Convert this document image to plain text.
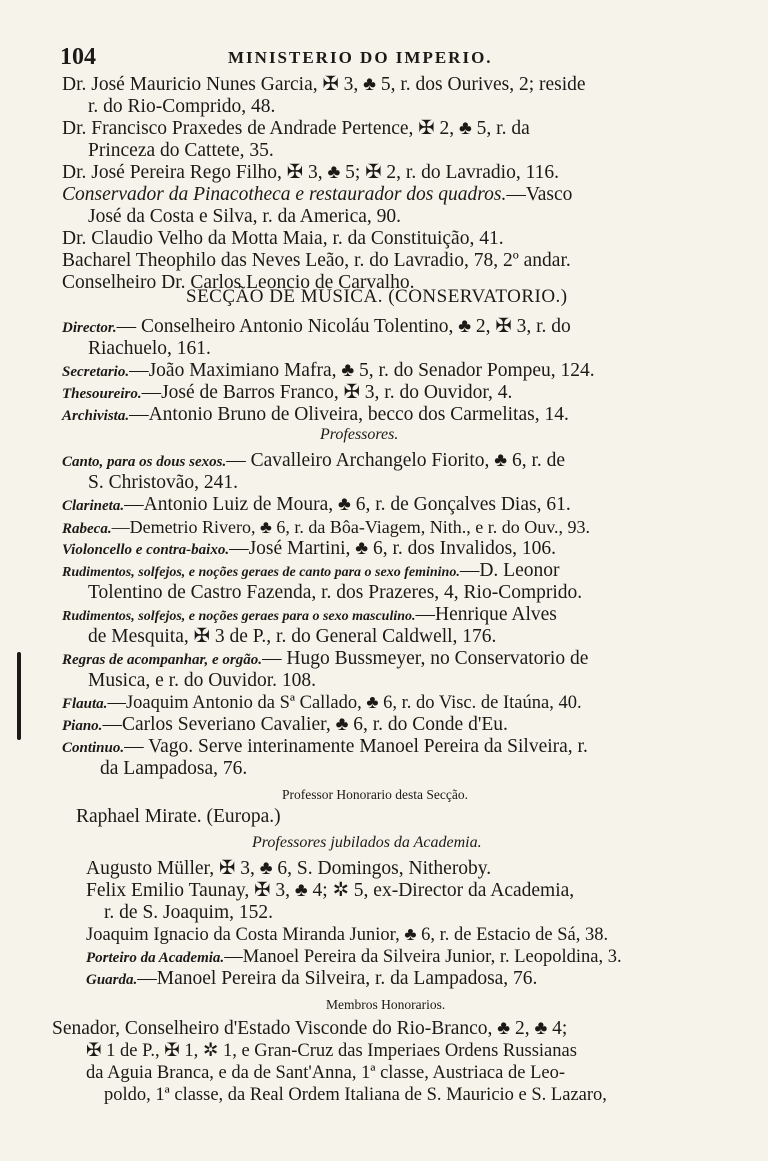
104	MINISTERIO DO IMPERIO.
Dr. José Mauricio Nunes Garcia, ✠ 3, ♣ 5, r. dos Ourives, 2; reside
r. do Rio-Comprido, 48.
Dr. Francisco Praxedes de Andrade Pertence, ✠ 2, ♣ 5, r. da
Princeza do Cattete, 35.
Dr. José Pereira Rego Filho, ✠ 3, ♣ 5; ✠ 2, r. do Lavradio, 116.
Conservador da Pinacotheca e restaurador dos quadros.—Vasco
José da Costa e Silva, r. da America, 90.
Dr. Claudio Velho da Motta Maia, r. da Constituição, 41.
Bacharel Theophilo das Neves Leão, r. do Lavradio, 78, 2º andar.
Conselheiro Dr. Carlos Leoncio de Carvalho.
SECÇÃO DE MUSICA. (CONSERVATORIO.)
Director.— Conselheiro Antonio Nicoláu Tolentino, ♣ 2, ✠ 3, r. do
Riachuelo, 161.
Secretario.—João Maximiano Mafra, ♣ 5, r. do Senador Pompeu, 124.
Thesoureiro.—José de Barros Franco, ✠ 3, r. do Ouvidor, 4.
Archivista.—Antonio Bruno de Oliveira, becco dos Carmelitas, 14.
Professores.
Canto, para os dous sexos.— Cavalleiro Archangelo Fiorito, ♣ 6, r. de
S. Christovão, 241.
Clarineta.—Antonio Luiz de Moura, ♣ 6, r. de Gonçalves Dias, 61.
Rabeca.—Demetrio Rivero, ♣ 6, r. da Bôa-Viagem, Nith., e r. do Ouv., 93.
Violoncello e contra-baixo.—José Martini, ♣ 6, r. dos Invalidos, 106.
Rudimentos, solfejos, e noções geraes de canto para o sexo feminino.—D. Leonor
Tolentino de Castro Fazenda, r. dos Prazeres, 4, Rio-Comprido.
Rudimentos, solfejos, e noções geraes para o sexo masculino.—Henrique Alves
de Mesquita, ✠ 3 de P., r. do General Caldwell, 176.
Regras de acompanhar, e orgão.— Hugo Bussmeyer, no Conservatorio de
Musica, e r. do Ouvidor. 108.
Flauta.—Joaquim Antonio da Sª Callado, ♣ 6, r. do Visc. de Itaúna, 40.
Piano.—Carlos Severiano Cavalier, ♣ 6, r. do Conde d'Eu.
Continuo.— Vago. Serve interinamente Manoel Pereira da Silveira, r.
da Lampadosa, 76.
Professor Honorario desta Secção.
Raphael Mirate. (Europa.)
Professores jubilados da Academia.
Augusto Müller, ✠ 3, ♣ 6, S. Domingos, Nitheroby.
Felix Emilio Taunay, ✠ 3, ♣ 4; ✲ 5, ex-Director da Academia,
r. de S. Joaquim, 152.
Joaquim Ignacio da Costa Miranda Junior, ♣ 6, r. de Estacio de Sá, 38.
Porteiro da Academia.—Manoel Pereira da Silveira Junior, r. Leopoldina, 3.
Guarda.—Manoel Pereira da Silveira, r. da Lampadosa, 76.
Membros Honorarios.
Senador, Conselheiro d'Estado Visconde do Rio-Branco, ♣ 2, ♣ 4;
✠ 1 de P., ✠ 1, ✲ 1, e Gran-Cruz das Imperiaes Ordens Russianas
da Aguia Branca, e da de Sant'Anna, 1ª classe, Austriaca de Leo-
poldo, 1ª classe, da Real Ordem Italiana de S. Mauricio e S. Lazaro,
